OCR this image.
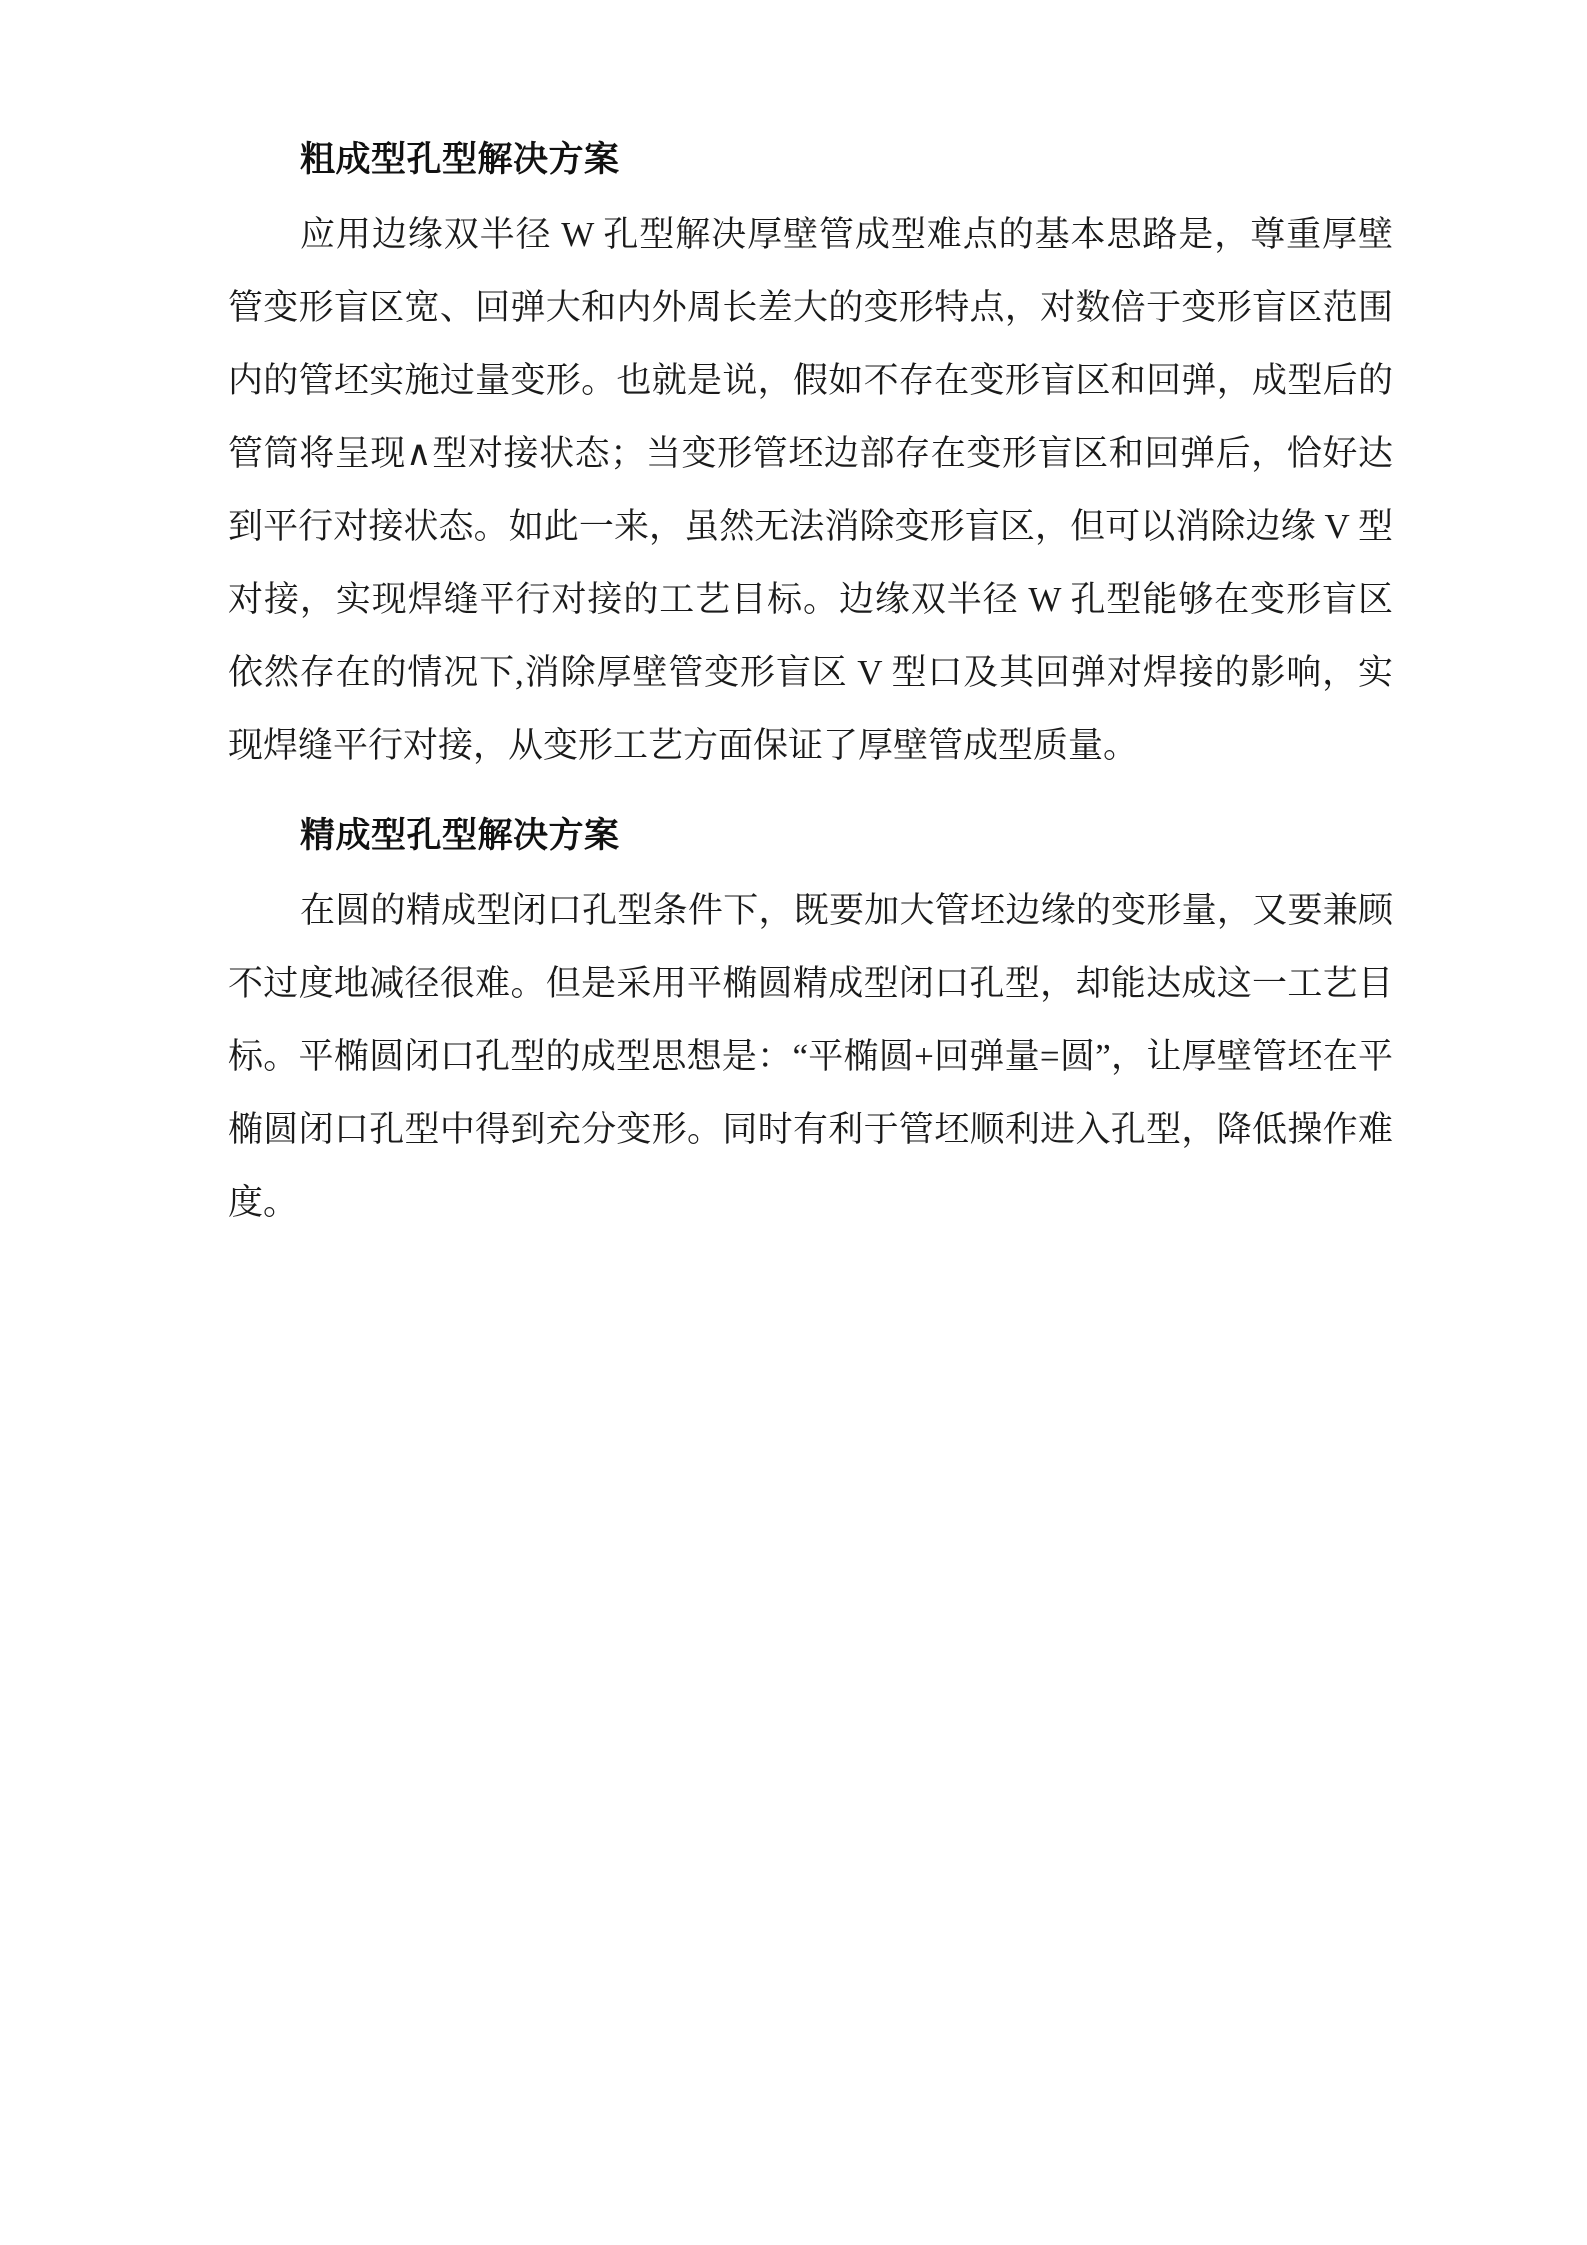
粗成型孔型解决方案

应用边缘双半径 W 孔型解决厚壁管成型难点的基本思路是，尊重厚壁管变形盲区宽、回弹大和内外周长差大的变形特点，对数倍于变形盲区范围内的管坯实施过量变形。也就是说，假如不存在变形盲区和回弹，成型后的管筒将呈现∧型对接状态；当变形管坯边部存在变形盲区和回弹后，恰好达到平行对接状态。如此一来，虽然无法消除变形盲区，但可以消除边缘 V 型对接，实现焊缝平行对接的工艺目标。边缘双半径 W 孔型能够在变形盲区依然存在的情况下,消除厚壁管变形盲区 V 型口及其回弹对焊接的影响，实现焊缝平行对接，从变形工艺方面保证了厚壁管成型质量。

精成型孔型解决方案

在圆的精成型闭口孔型条件下，既要加大管坯边缘的变形量，又要兼顾不过度地减径很难。但是采用平椭圆精成型闭口孔型，却能达成这一工艺目标。平椭圆闭口孔型的成型思想是：“平椭圆+回弹量=圆”，让厚壁管坯在平椭圆闭口孔型中得到充分变形。同时有利于管坯顺利进入孔型，降低操作难度。
